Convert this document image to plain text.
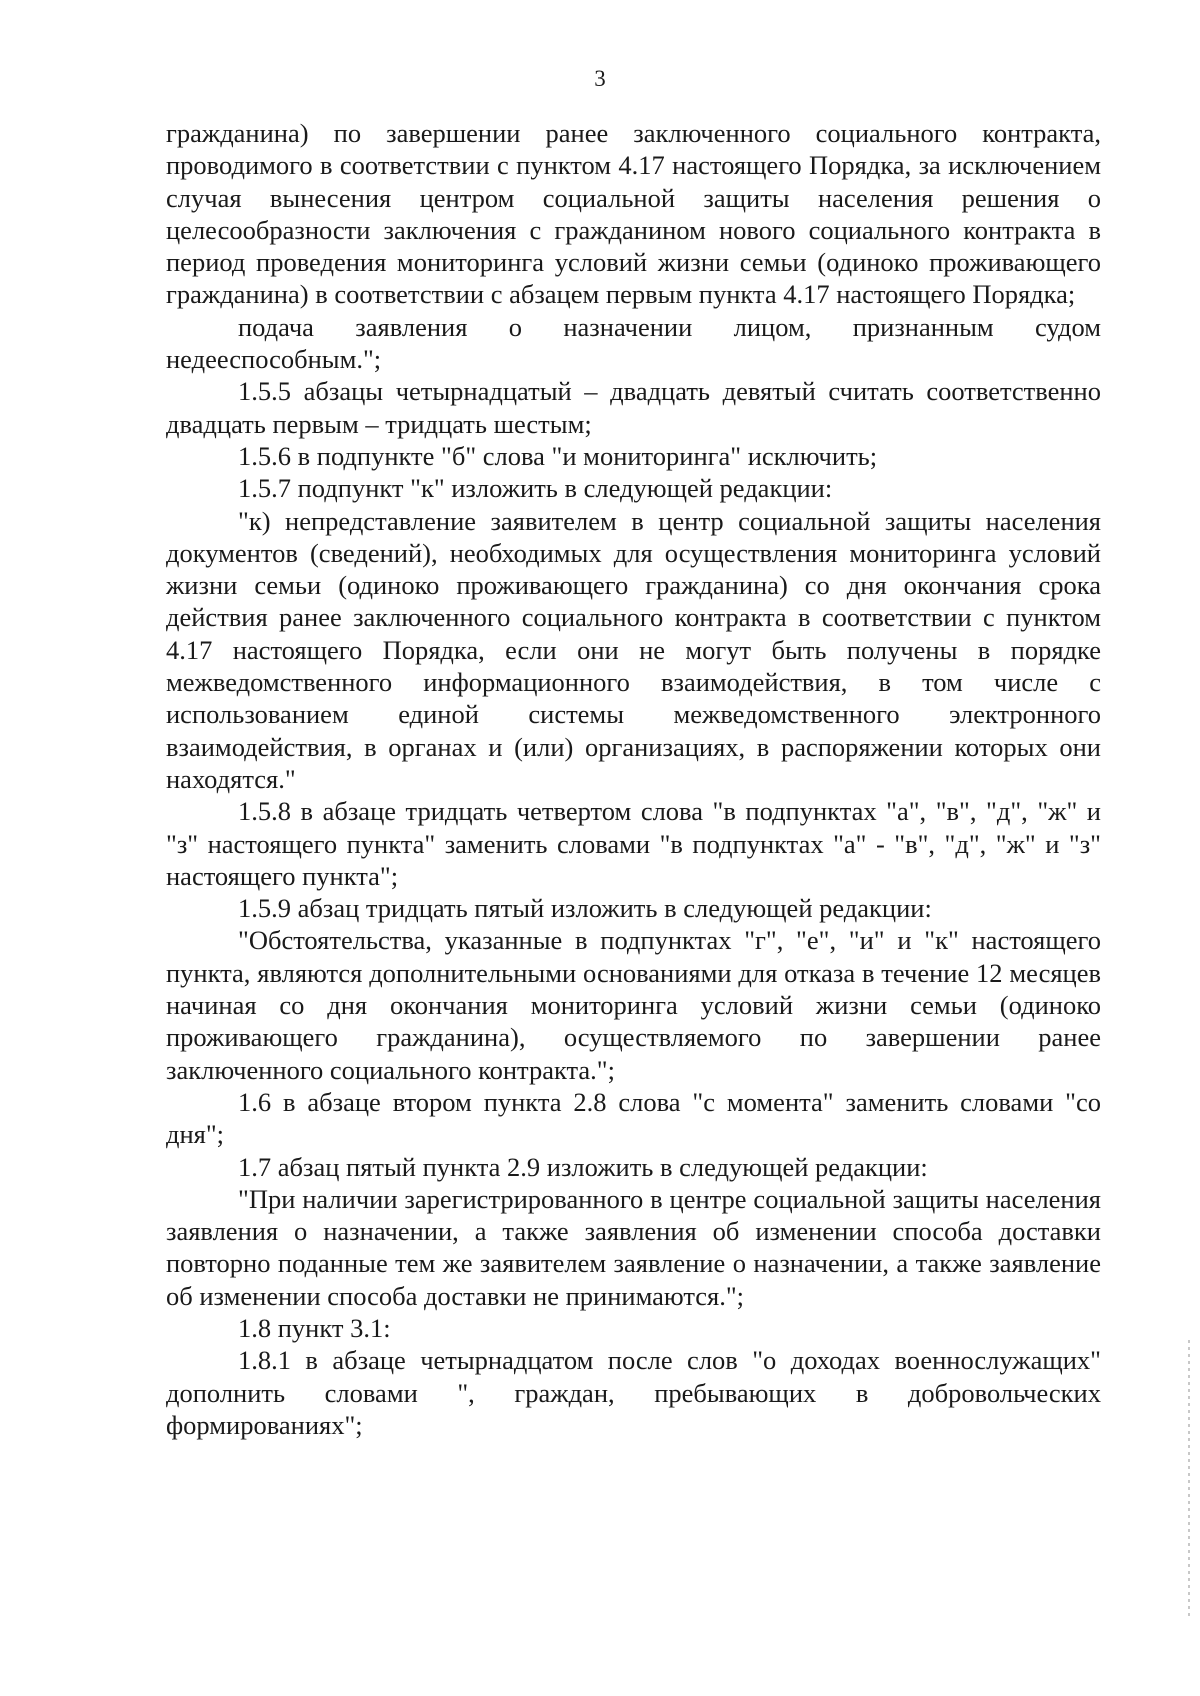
3

гражданина) по завершении ранее заключенного социального контракта, проводимого в соответствии с пунктом 4.17 настоящего Порядка, за исключением случая вынесения центром социальной защиты населения решения о целесообразности заключения с гражданином нового социального контракта в период проведения мониторинга условий жизни семьи (одиноко проживающего гражданина) в соответствии с абзацем первым пункта 4.17 настоящего Порядка;

подача заявления о назначении лицом, признанным судом недееспособным.";

1.5.5 абзацы четырнадцатый – двадцать девятый считать соответственно двадцать первым – тридцать шестым;

1.5.6 в подпункте "б" слова "и мониторинга" исключить;

1.5.7 подпункт "к" изложить в следующей редакции:

"к) непредставление заявителем в центр социальной защиты населения документов (сведений), необходимых для осуществления мониторинга условий жизни семьи (одиноко проживающего гражданина) со дня окончания срока действия ранее заключенного социального контракта в соответствии с пунктом 4.17 настоящего Порядка, если они не могут быть получены в порядке межведомственного информационного взаимодействия, в том числе с использованием единой системы межведомственного электронного взаимодействия, в органах и (или) организациях, в распоряжении которых они находятся."

1.5.8 в абзаце тридцать четвертом слова "в подпунктах "а", "в", "д", "ж" и "з" настоящего пункта" заменить словами "в подпунктах "а" - "в", "д", "ж" и "з" настоящего пункта";

1.5.9 абзац тридцать пятый изложить в следующей редакции:

"Обстоятельства, указанные в подпунктах "г", "е", "и" и "к" настоящего пункта, являются дополнительными основаниями для отказа в течение 12 месяцев начиная со дня окончания мониторинга условий жизни семьи (одиноко проживающего гражданина), осуществляемого по завершении ранее заключенного социального контракта.";

1.6 в абзаце втором пункта 2.8 слова "с момента" заменить словами "со дня";

1.7 абзац пятый пункта 2.9 изложить в следующей редакции:

"При наличии зарегистрированного в центре социальной защиты населения заявления о назначении, а также заявления об изменении способа доставки повторно поданные тем же заявителем заявление о назначении, а также заявление об изменении способа доставки не принимаются.";

1.8 пункт 3.1:

1.8.1 в абзаце четырнадцатом после слов "о доходах военнослужащих" дополнить словами ", граждан, пребывающих в добровольческих формированиях";
